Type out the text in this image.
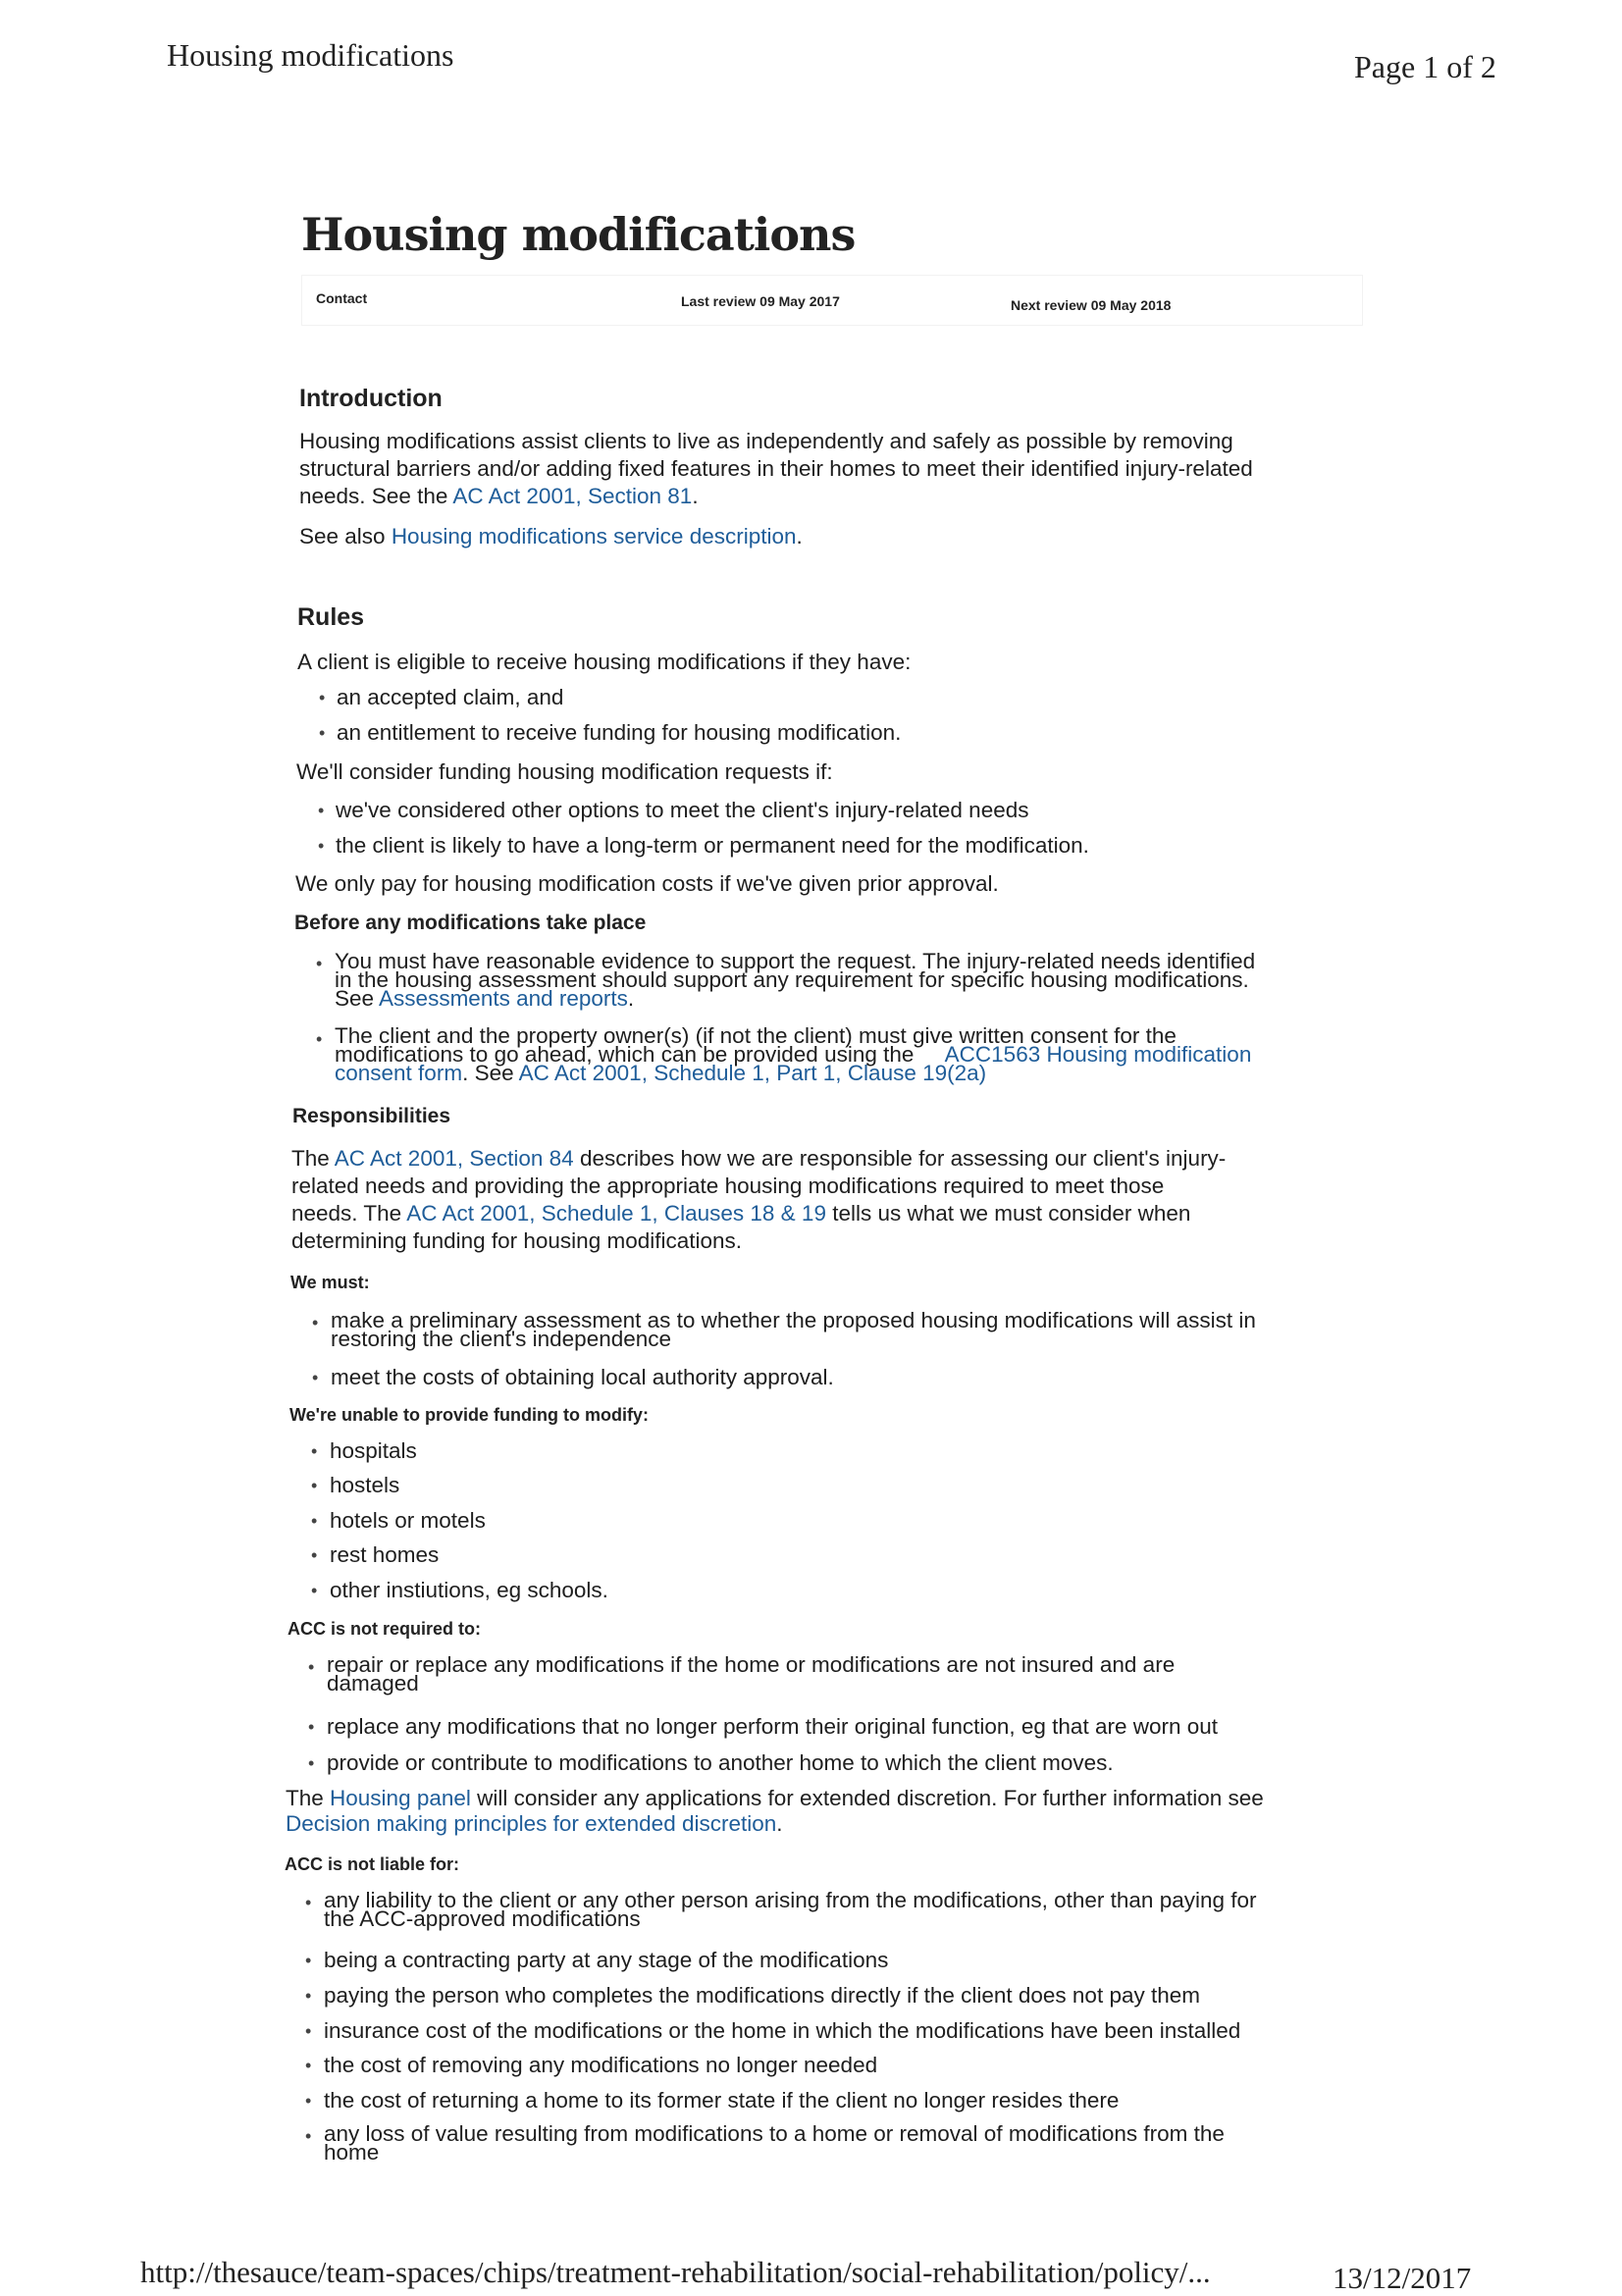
Housing modifications	Page 1 of 2
Housing modifications
Contact	Last review 09 May 2017	Next review 09 May 2018
Introduction
Housing modifications assist clients to live as independently and safely as possible by removing
structural barriers and/or adding fixed features in their homes to meet their identified injury-related
needs. See the AC Act 2001, Section 81.
See also Housing modifications service description.
Rules
A client is eligible to receive housing modifications if they have:
• an accepted claim, and
• an entitlement to receive funding for housing modification.
We'll consider funding housing modification requests if:
• we've considered other options to meet the client's injury-related needs
• the client is likely to have a long-term or permanent need for the modification.
We only pay for housing modification costs if we've given prior approval.
Before any modifications take place
• You must have reasonable evidence to support the request. The injury-related needs identified
in the housing assessment should support any requirement for specific housing modifications.
See Assessments and reports.
• The client and the property owner(s) (if not the client) must give written consent for the
modifications to go ahead, which can be provided using the     ACC1563 Housing modification
consent form. See AC Act 2001, Schedule 1, Part 1, Clause 19(2a)
Responsibilities
The AC Act 2001, Section 84 describes how we are responsible for assessing our client's injury-
related needs and providing the appropriate housing modifications required to meet those
needs. The AC Act 2001, Schedule 1, Clauses 18 & 19 tells us what we must consider when
determining funding for housing modifications.
We must:
• make a preliminary assessment as to whether the proposed housing modifications will assist in
restoring the client's independence
• meet the costs of obtaining local authority approval.
We're unable to provide funding to modify:
• hospitals
• hostels
• hotels or motels
• rest homes
• other instiutions, eg schools.
ACC is not required to:
• repair or replace any modifications if the home or modifications are not insured and are
damaged
• replace any modifications that no longer perform their original function, eg that are worn out
• provide or contribute to modifications to another home to which the client moves.
The Housing panel will consider any applications for extended discretion. For further information see
Decision making principles for extended discretion.
ACC is not liable for:
• any liability to the client or any other person arising from the modifications, other than paying for
the ACC-approved modifications
• being a contracting party at any stage of the modifications
• paying the person who completes the modifications directly if the client does not pay them
• insurance cost of the modifications or the home in which the modifications have been installed
• the cost of removing any modifications no longer needed
• the cost of returning a home to its former state if the client no longer resides there
• any loss of value resulting from modifications to a home or removal of modifications from the
home
http://thesauce/team-spaces/chips/treatment-rehabilitation/social-rehabilitation/policy/...	13/12/2017
